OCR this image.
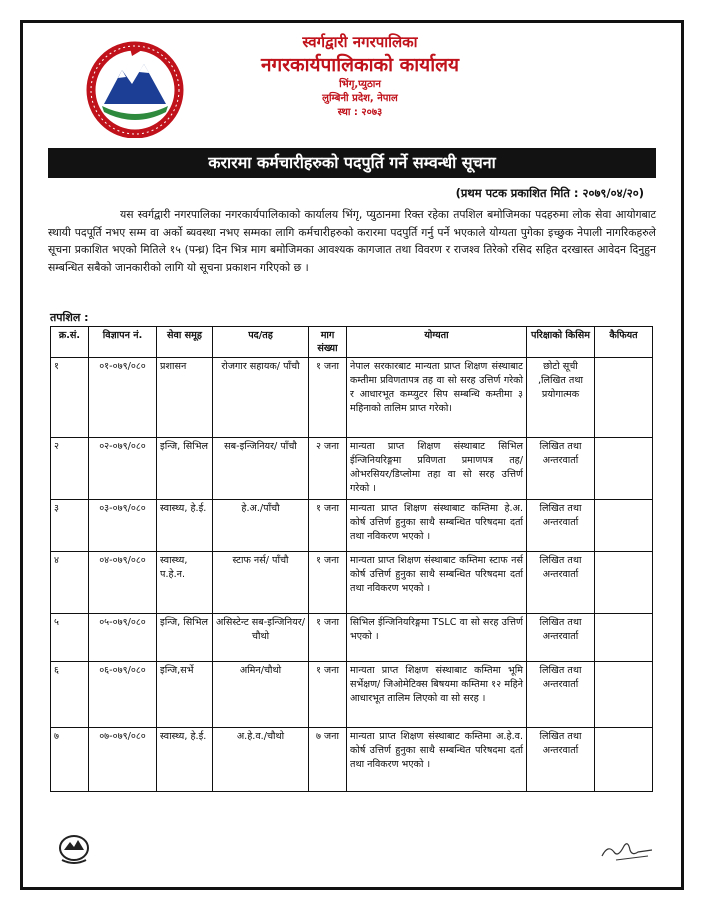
स्वर्गद्वारी नगरपालिका
नगरकार्यपालिकाको कार्यालय
भिंगृ,प्युठान
लुम्बिनी प्रदेश, नेपाल
स्था : २०७३
करारमा कर्मचारीहरुको पदपुर्ति गर्ने सम्वन्धी सूचना
(प्रथम पटक प्रकाशित मिति : २०७९/०४/२०)
यस स्वर्गद्वारी नगरपालिका नगरकार्यपालिकाको कार्यालय भिंगृ, प्युठानमा रिक्त रहेका तपशिल बमोजिमका पदहरुमा लोक सेवा आयोगबाट स्थायी पदपूर्ति नभए सम्म वा अर्को ब्यवस्था नभए सम्मका लागि कर्मचारीहरुको करारमा पदपुर्ति गर्नु पर्ने भएकाले योग्यता पुगेका इच्छुक नेपाली नागरिकहरुले सूचना प्रकाशित भएको मितिले १५ (पन्ध्र) दिन भित्र माग बमोजिमका आवश्यक कागजात तथा विवरण र राजश्व तिरेको रसिद सहित दरखास्त आवेदन दिनुहुन सम्बन्धित सबैको जानकारीको लागि यो सूचना प्रकाशन गरिएको छ ।
तपशिल :
क्र.सं.	विज्ञापन नं.	सेवा समूह	पद/तह	माग संख्या	योग्यता	परिक्षाको किसिम	कैफियत
१	०१-०७९/०८०	प्रशासन	रोजगार सहायक/ पाँचौ	१ जना	नेपाल सरकारबाट मान्यता प्राप्त शिक्षण संस्थाबाट कम्तीमा प्रविणतापत्र तह वा सो सरह उत्तिर्ण गरेको र आधारभूत कम्प्युटर सिप सम्बन्धि कम्तीमा ३ महिनाको तालिम प्राप्त गरेको।	छोटो सूची ,लिखित तथा प्रयोगात्मक	
२	०२-०७९/०८०	इन्जि, सिभिल	सब-इन्जिनियर/ पाँचौ	२ जना	मान्यता प्राप्त शिक्षण संस्थाबाट सिभिल ईन्जिनियरिङ्गमा प्रविणता प्रमाणपत्र तह/ओभरसियर/डिप्लोमा तहा वा सो सरह उत्तिर्ण गरेको ।	लिखित तथा अन्तरवार्ता	
३	०३-०७९/०८०	स्वास्थ्य, हे.ई.	हे.अ./पाँचौ	१ जना	मान्यता प्राप्त शिक्षण संस्थाबाट कम्तिमा हे.अ. कोर्ष उत्तिर्ण हुनुका साथै सम्बन्धित परिषदमा दर्ता तथा नविकरण भएको ।	लिखित तथा अन्तरवार्ता	
४	०४-०७९/०८०	स्वास्थ्य, प.हे.न.	स्टाफ नर्स/ पाँचौ	१ जना	मान्यता प्राप्त शिक्षण संस्थाबाट कम्तिमा स्टाफ नर्स कोर्ष उत्तिर्ण हुनुका साथै सम्बन्धित परिषदमा दर्ता तथा नविकरण भएको ।	लिखित तथा अन्तरवार्ता	
५	०५-०७९/०८०	इन्जि, सिभिल	असिस्टेन्ट सब-इन्जिनियर/चौथो	१ जना	सिभिल ईन्जिनियरिङ्गमा TSLC वा सो सरह उत्तिर्ण भएको ।	लिखित तथा अन्तरवार्ता	
६	०६-०७९/०८०	इन्जि,सर्भे	अमिन/चौथो	१ जना	मान्यता प्राप्त शिक्षण संस्थाबाट कम्तिमा भूमि सर्भेक्षण/ जिओमेटिक्स बिषयमा कम्तिमा १२ महिने आधारभूत तालिम लिएको वा सो सरह ।	लिखित तथा अन्तरवार्ता	
७	०७-०७९/०८०	स्वास्थ्य, हे.ई.	अ.हे.व./चौथो	७ जना	मान्यता प्राप्त शिक्षण संस्थाबाट कम्तिमा अ.हे.व. कोर्ष उत्तिर्ण हुनुका साथै सम्बन्धित परिषदमा दर्ता तथा नविकरण भएको ।	लिखित तथा अन्तरवार्ता	
